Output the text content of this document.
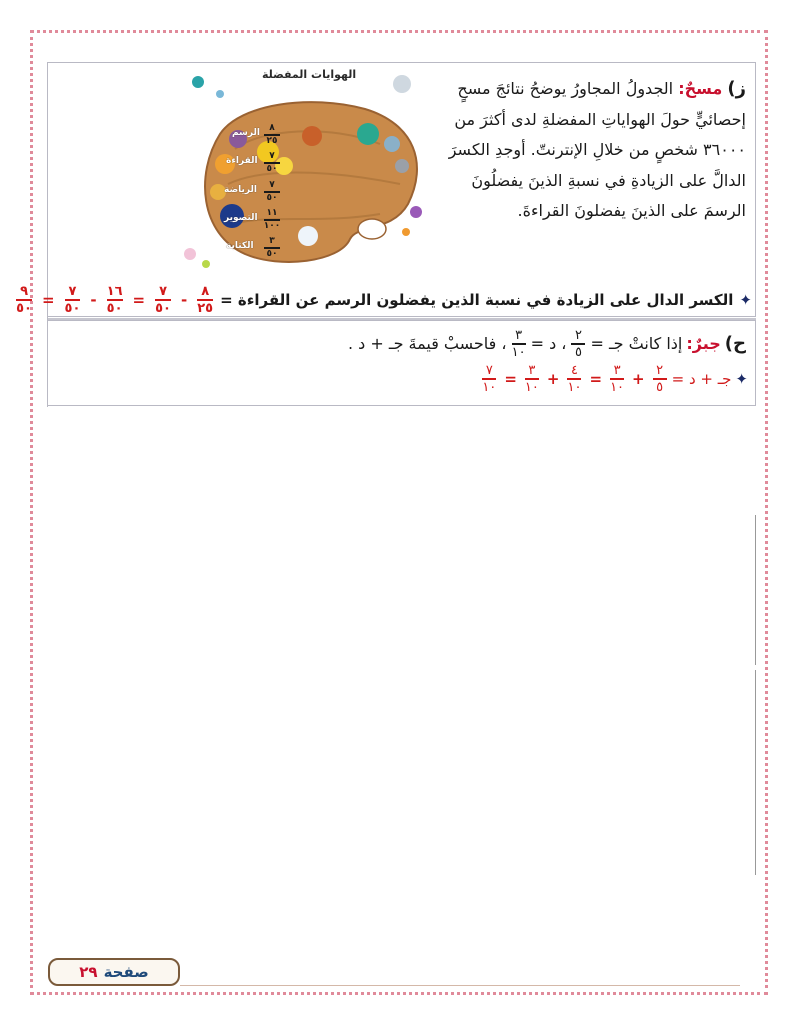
ز) مسحٌ: الجدولُ المجاورُ يوضحُ نتائجَ مسحٍ إحصائيٍّ حولَ الهواياتِ المفضلةِ لدى أكثرَ من ٣٦٠٠٠ شخصٍ من خلالِ الإنترنتّ. أوجدِ الكسرَ الدالَّ على الزيادةِ في نسبةِ الذينَ يفضلُونَ الرسمَ على الذينَ يفضلونَ القراءةَ.
الهوايات المفضلة
الرسم
القراءة
الرياضة
التصوير
الكتابة
٨
٢٥
٧
٥٠
٧
٥٠
١١
١٠٠
٣
٥٠
✦
الكسر الدال على الزيادة في نسبة الذين يفضلون الرسم عن القراءة =
$\frac{٨}{٢٥}$
-
$\frac{٧}{٥٠}$
=
$\frac{١٦}{٥٠}$
-
$\frac{٧}{٥٠}$
=
$\frac{٩}{٥٠}$
ح)
جبرٌ:
إذا كانتْ جـ =
$\frac{٢}{٥}$
، د =
$\frac{٣}{١٠}$
، فاحسبْ قيمةَ جـ + د .
✦
جـ + د =
$\frac{٢}{٥}$
+
$\frac{٣}{١٠}$
=
$\frac{٤}{١٠}$
+
$\frac{٣}{١٠}$
=
$\frac{٧}{١٠}$
صفحة
٢٩
